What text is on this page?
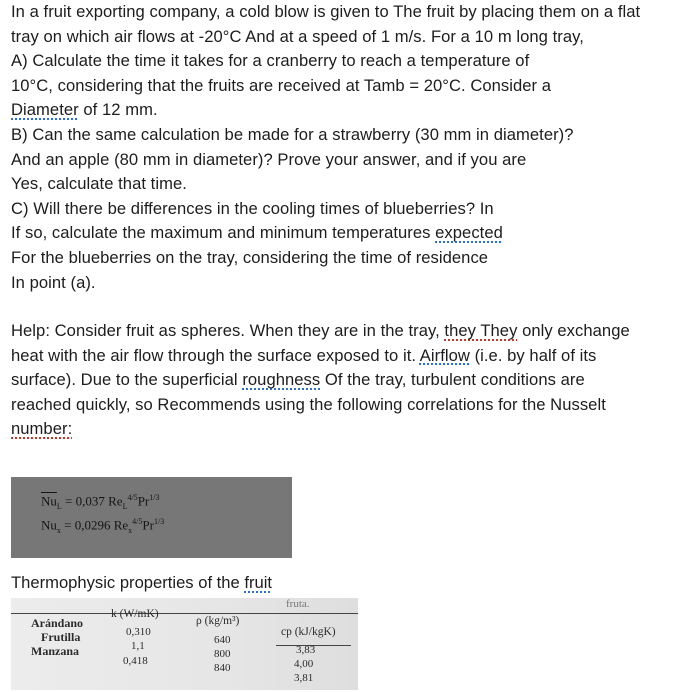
In a fruit exporting company, a cold blow is given to The fruit by placing them on a flat
tray on which air flows at -20°C And at a speed of 1 m/s. For a 10 m long tray,
A) Calculate the time it takes for a cranberry to reach a temperature of
10°C, considering that the fruits are received at Tamb = 20°C. Consider a
Diameter of 12 mm.
B) Can the same calculation be made for a strawberry (30 mm in diameter)?
And an apple (80 mm in diameter)? Prove your answer, and if you are
Yes, calculate that time.
C) Will there be differences in the cooling times of blueberries? In
If so, calculate the maximum and minimum temperatures expected
For the blueberries on the tray, considering the time of residence
In point (a).
Help: Consider fruit as spheres. When they are in the tray, they They only exchange
heat with the air flow through the surface exposed to it. Airflow (i.e. by half of its
surface). Due to the superficial roughness Of the tray, turbulent conditions are
reached quickly, so Recommends using the following correlations for the Nusselt
number:
$\overline{Nu}_L = 0,037$ $Re_L^{4/5}Pr^{1/3}$
$Nu_x = 0,0296$ $Re_x^{4/5}Pr^{1/3}$
Thermophysic properties of the fruit
fruta.
k (W/mK)
ρ (kg/m³)
cp (kJ/kgK)
Arándano
Frutilla
Manzana
0,310
1,1
0,418
640
800
840
3,83
4,00
3,81
